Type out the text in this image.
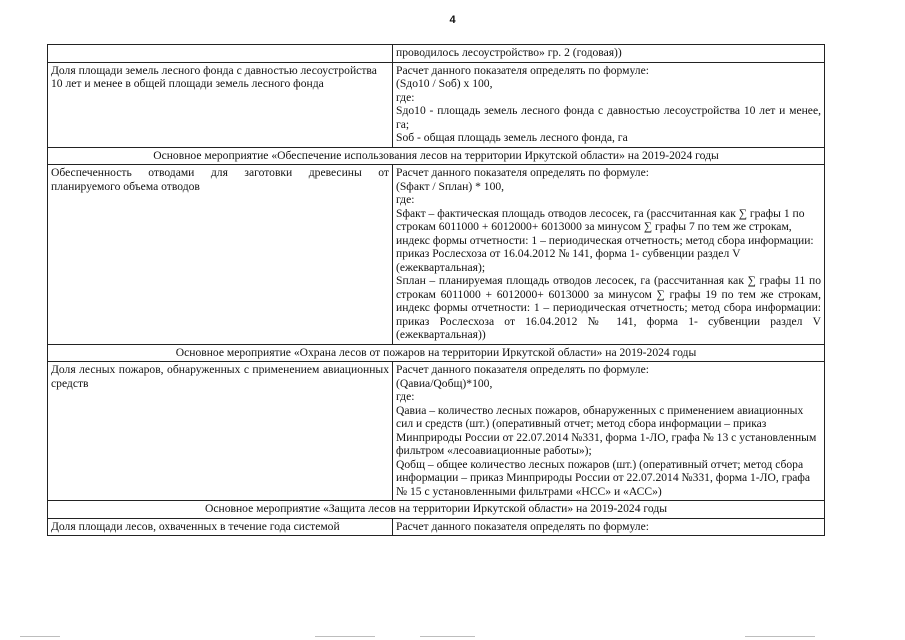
4
	проводилось лесоустройство» гр. 2 (годовая))
Доля площади земель лесного фонда с давностью лесоустройства 10 лет и менее в общей площади земель лесного фонда	Расчет данного показателя определять по формуле:
(Sдо10 / Sоб) х 100,
где:
Sдо10 - площадь земель лесного фонда с давностью лесоустройства 10 лет и менее, га;
Sоб - общая площадь земель лесного фонда, га

Основное мероприятие «Обеспечение использования лесов на территории Иркутской области» на 2019-2024 годы	
Обеспеченность отводами для заготовки древесины от планируемого объема отводов	Расчет данного показателя определять по формуле:
(Sфакт / Sплан) * 100,
где:
Sфакт – фактическая площадь отводов лесосек, га (рассчитанная как ∑ графы 1 по строкам 6011000 + 6012000+ 6013000 за минусом ∑ графы 7 по тем же строкам, индекс формы отчетности: 1 – периодическая отчетность; метод сбора информации: приказ Рослесхоза от 16.04.2012 № 141, форма 1- субвенции раздел V (ежеквартальная);
Sплан – планируемая площадь отводов лесосек, га (рассчитанная как ∑ графы 11 по строкам 6011000 + 6012000+ 6013000 за минусом ∑ графы 19 по тем же строкам, индекс формы отчетности: 1 – периодическая отчетность; метод сбора информации: приказ Рослесхоза от 16.04.2012 № 141, форма 1- субвенции раздел V (ежеквартальная))

Основное мероприятие «Охрана лесов от пожаров на территории Иркутской области» на 2019-2024 годы	
Доля лесных пожаров, обнаруженных с применением авиационных средств	Расчет данного показателя определять по формуле:
(Qавиа/Qобщ)*100,
где:
Qавиа – количество лесных пожаров, обнаруженных с применением авиационных сил и средств (шт.) (оперативный отчет; метод сбора информации – приказ Минприроды России от 22.07.2014 №331, форма 1-ЛО, графа № 13 с установленным фильтром «лесоавиационные работы»);
Qобщ – общее количество лесных пожаров (шт.) (оперативный отчет; метод сбора информации – приказ Минприроды России от 22.07.2014 №331, форма 1-ЛО, графа № 15 с установленными фильтрами «НСС» и «АСС»)

Основное мероприятие «Защита лесов на территории Иркутской области» на 2019-2024 годы	
Доля площади лесов, охваченных в течение года системой	Расчет данного показателя определять по формуле:
